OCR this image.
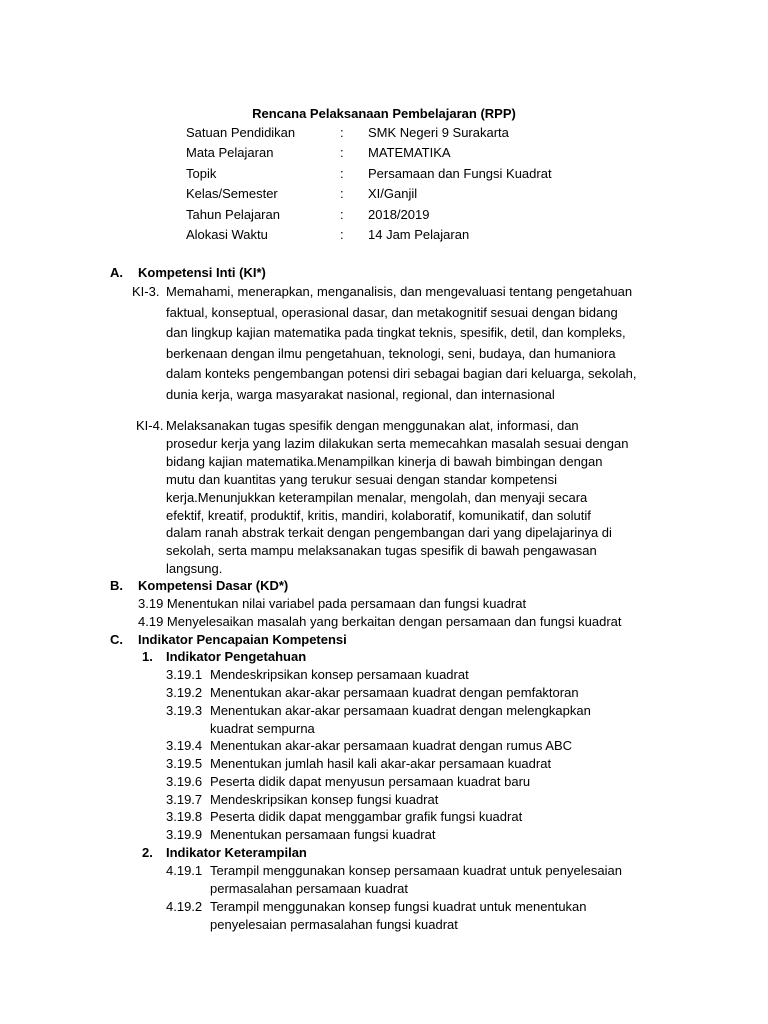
Rencana Pelaksanaan Pembelajaran (RPP)
Satuan Pendidikan	: SMK Negeri 9 Surakarta
Mata Pelajaran	: MATEMATIKA
Topik	: Persamaan dan Fungsi Kuadrat
Kelas/Semester	: XI/Ganjil
Tahun Pelajaran	: 2018/2019
Alokasi Waktu	: 14 Jam Pelajaran
A. Kompetensi Inti (KI*)
KI-3. Memahami, menerapkan, menganalisis, dan mengevaluasi tentang pengetahuan
faktual, konseptual, operasional dasar, dan metakognitif sesuai dengan bidang
dan lingkup kajian matematika pada tingkat teknis, spesifik, detil, dan kompleks,
berkenaan dengan ilmu pengetahuan, teknologi, seni, budaya, dan humaniora
dalam konteks pengembangan potensi diri sebagai bagian dari keluarga, sekolah,
dunia kerja, warga masyarakat nasional, regional, dan internasional
KI-4. Melaksanakan tugas spesifik dengan menggunakan alat, informasi, dan
prosedur kerja yang lazim dilakukan serta memecahkan masalah sesuai dengan
bidang kajian matematika.Menampilkan kinerja di bawah bimbingan dengan
mutu dan kuantitas yang terukur sesuai dengan standar kompetensi
kerja.Menunjukkan keterampilan menalar, mengolah, dan menyaji secara
efektif, kreatif, produktif, kritis, mandiri, kolaboratif, komunikatif, dan solutif
dalam ranah abstrak terkait dengan pengembangan dari yang dipelajarinya di
sekolah, serta mampu melaksanakan tugas spesifik di bawah pengawasan
langsung.
B. Kompetensi Dasar (KD*)
3.19 Menentukan nilai variabel pada persamaan dan fungsi kuadrat
4.19 Menyelesaikan masalah yang berkaitan dengan persamaan dan fungsi kuadrat
C. Indikator Pencapaian Kompetensi
1. Indikator Pengetahuan
3.19.1 Mendeskripsikan konsep persamaan kuadrat
3.19.2 Menentukan akar-akar persamaan kuadrat dengan pemfaktoran
3.19.3 Menentukan akar-akar persamaan kuadrat dengan melengkapkan
kuadrat sempurna
3.19.4 Menentukan akar-akar persamaan kuadrat dengan rumus ABC
3.19.5 Menentukan jumlah hasil kali akar-akar persamaan kuadrat
3.19.6 Peserta didik dapat menyusun persamaan kuadrat baru
3.19.7 Mendeskripsikan konsep fungsi kuadrat
3.19.8 Peserta didik dapat menggambar grafik fungsi kuadrat
3.19.9 Menentukan persamaan fungsi kuadrat
2. Indikator Keterampilan
4.19.1 Terampil menggunakan konsep persamaan kuadrat untuk penyelesaian
permasalahan persamaan kuadrat
4.19.2 Terampil menggunakan konsep fungsi kuadrat untuk menentukan
penyelesaian permasalahan fungsi kuadrat
